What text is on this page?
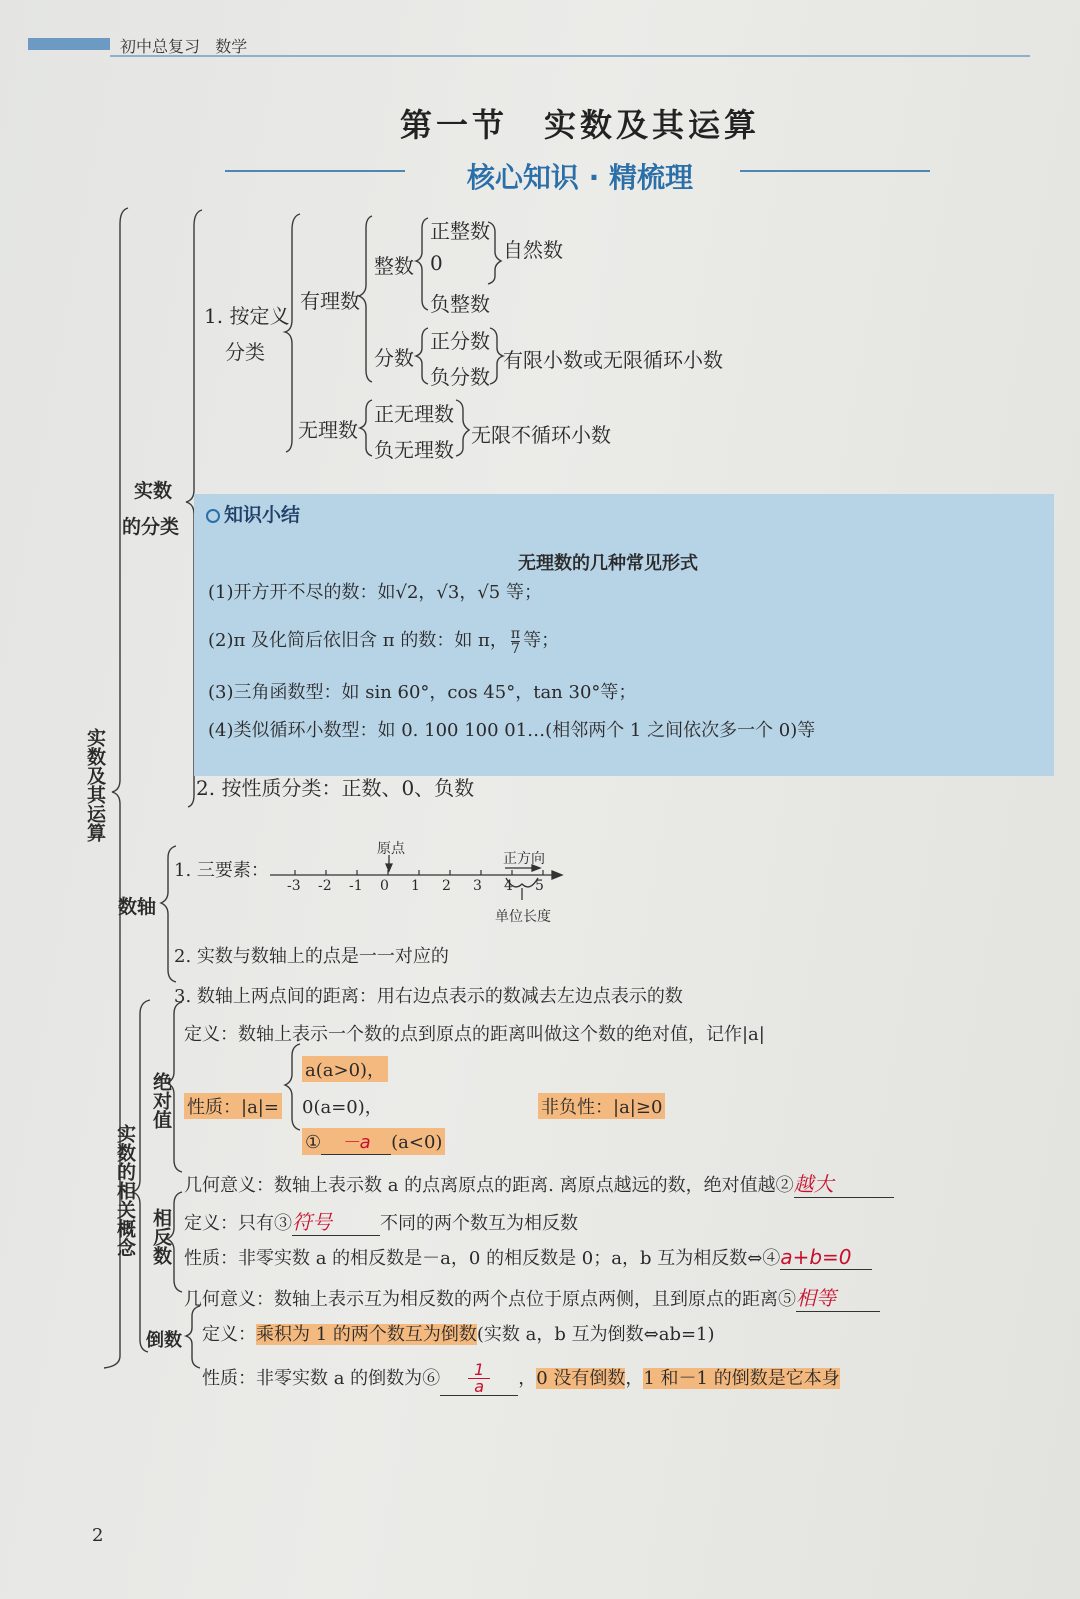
初中总复习 数学
第一节　实数及其运算
核心知识 · 精梳理
实数及其运算
实数
的分类
1. 按定义
分类
有理数
整数
正整数
0
负整数
自然数
分数
正分数
负分数
有限小数或无限循环小数
无理数
正无理数
负无理数
无限不循环小数
知识小结
无理数的几种常见形式
(1)开方开不尽的数：如√2，√3，√5 等；
(2)π 及化简后依旧含 π 的数：如 π， $\frac{\pi}{7}$ 等；
(3)三角函数型：如 sin 60°，cos 45°，tan 30°等；
(4)类似循环小数型：如 0. 100 100 01…(相邻两个 1 之间依次多一个 0)等
2. 按性质分类：正数、0、负数
数轴
1. 三要素：
原点
正方向
单位长度
-3 -2 -1 0 1 2 3 4 5
2. 实数与数轴上的点是一一对应的
3. 数轴上两点间的距离：用右边点表示的数减去左边点表示的数
实数的相关概念
绝对值
定义：数轴上表示一个数的点到原点的距离叫做这个数的绝对值，记作|a|
性质：|a|=
a(a>0)，
0(a=0)，
① －a (a<0)
非负性：|a|≥0
几何意义：数轴上表示数 a 的点离原点的距离. 离原点越远的数，绝对值越②越大
相反数 定义：只有③符号	不同的两个数互为相反数
性质：非零实数 a 的相反数是－a，0 的相反数是 0；a，b 互为相反数⇔④a+b=0
几何意义：数轴上表示互为相反数的两个点位于原点两侧，且到原点的距离⑤相等
倒数 定义：乘积为 1 的两个数互为倒数(实数 a，b 互为倒数⇔ab=1)
性质：非零实数 a 的倒数为⑥ $\frac{1}{a}$ ，0 没有倒数，1 和－1 的倒数是它本身
2
